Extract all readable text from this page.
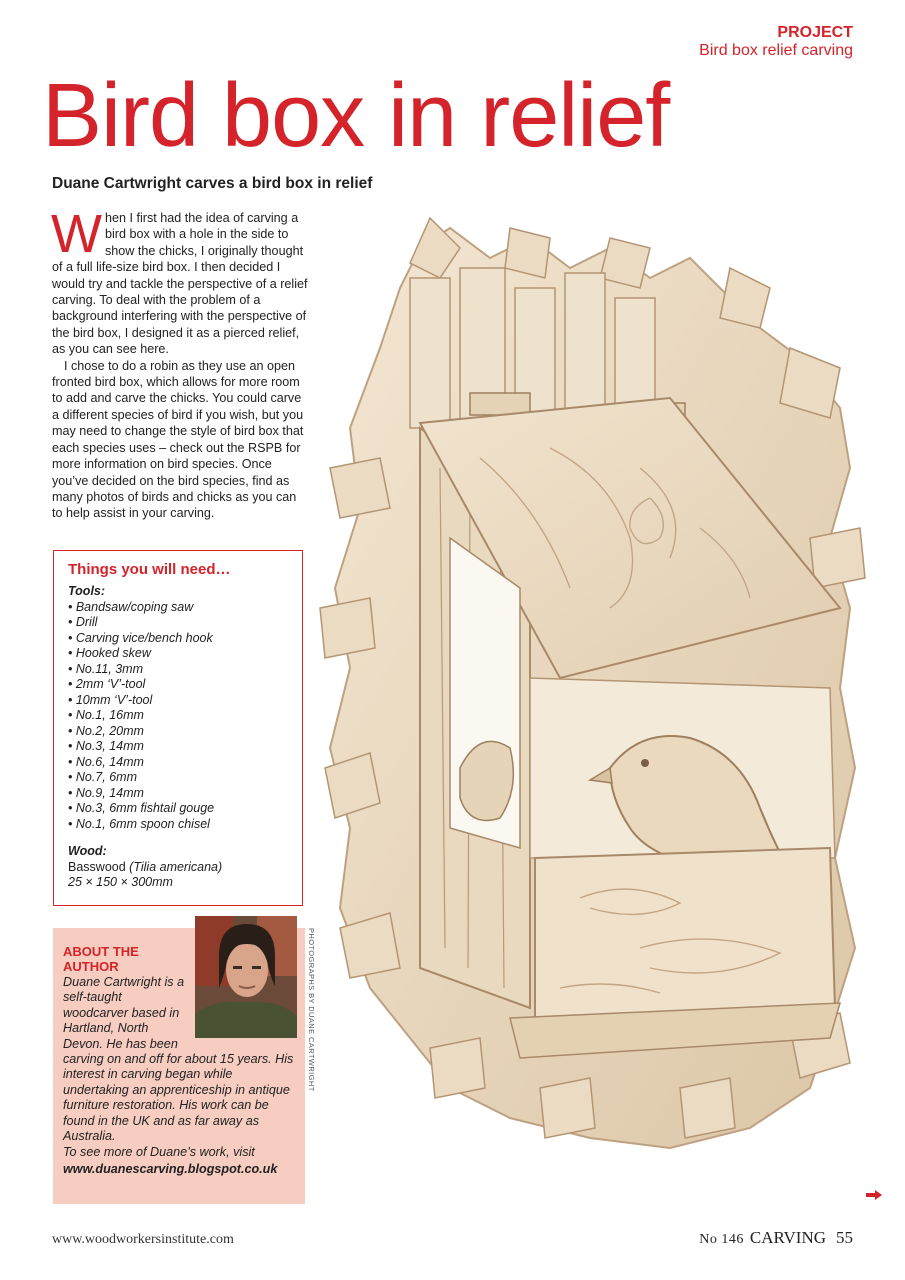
PROJECT
Bird box relief carving
Bird box in relief
Duane Cartwright carves a bird box in relief

When I first had the idea of carving a bird box with a hole in the side to show the chicks, I originally thought of a full life-size bird box. I then decided I would try and tackle the perspective of a relief carving. To deal with the problem of a background interfering with the perspective of the bird box, I designed it as a pierced relief, as you can see here.

I chose to do a robin as they use an open fronted bird box, which allows for more room to add and carve the chicks. You could carve a different species of bird if you wish, but you may need to change the style of bird box that each species uses – check out the RSPB for more information on bird species. Once you’ve decided on the bird species, find as many photos of birds and chicks as you can to help assist in your carving.

Things you will need…
Tools:
• Bandsaw/coping saw
• Drill
• Carving vice/bench hook
• Hooked skew
• No.11, 3mm
• 2mm ‘V’-tool
• 10mm ‘V’-tool
• No.1, 16mm
• No.2, 20mm
• No.3, 14mm
• No.6, 14mm
• No.7, 6mm
• No.9, 14mm
• No.3, 6mm fishtail gouge
• No.1, 6mm spoon chisel
Wood:
Basswood (Tilia americana)
25 × 150 × 300mm
ABOUT THE AUTHOR
Duane Cartwright is a self-taught woodcarver based in Hartland, North Devon. He has been carving on and off for about 15 years. His interest in carving began while undertaking an apprenticeship in antique furniture restoration. His work can be found in the UK and as far away as Australia.
To see more of Duane’s work, visit
www.duanescarving.blogspot.co.uk
PHOTOGRAPHS BY DUANE CARTWRIGHT
www.woodworkersinstitute.com	No 146 CARVING 55
